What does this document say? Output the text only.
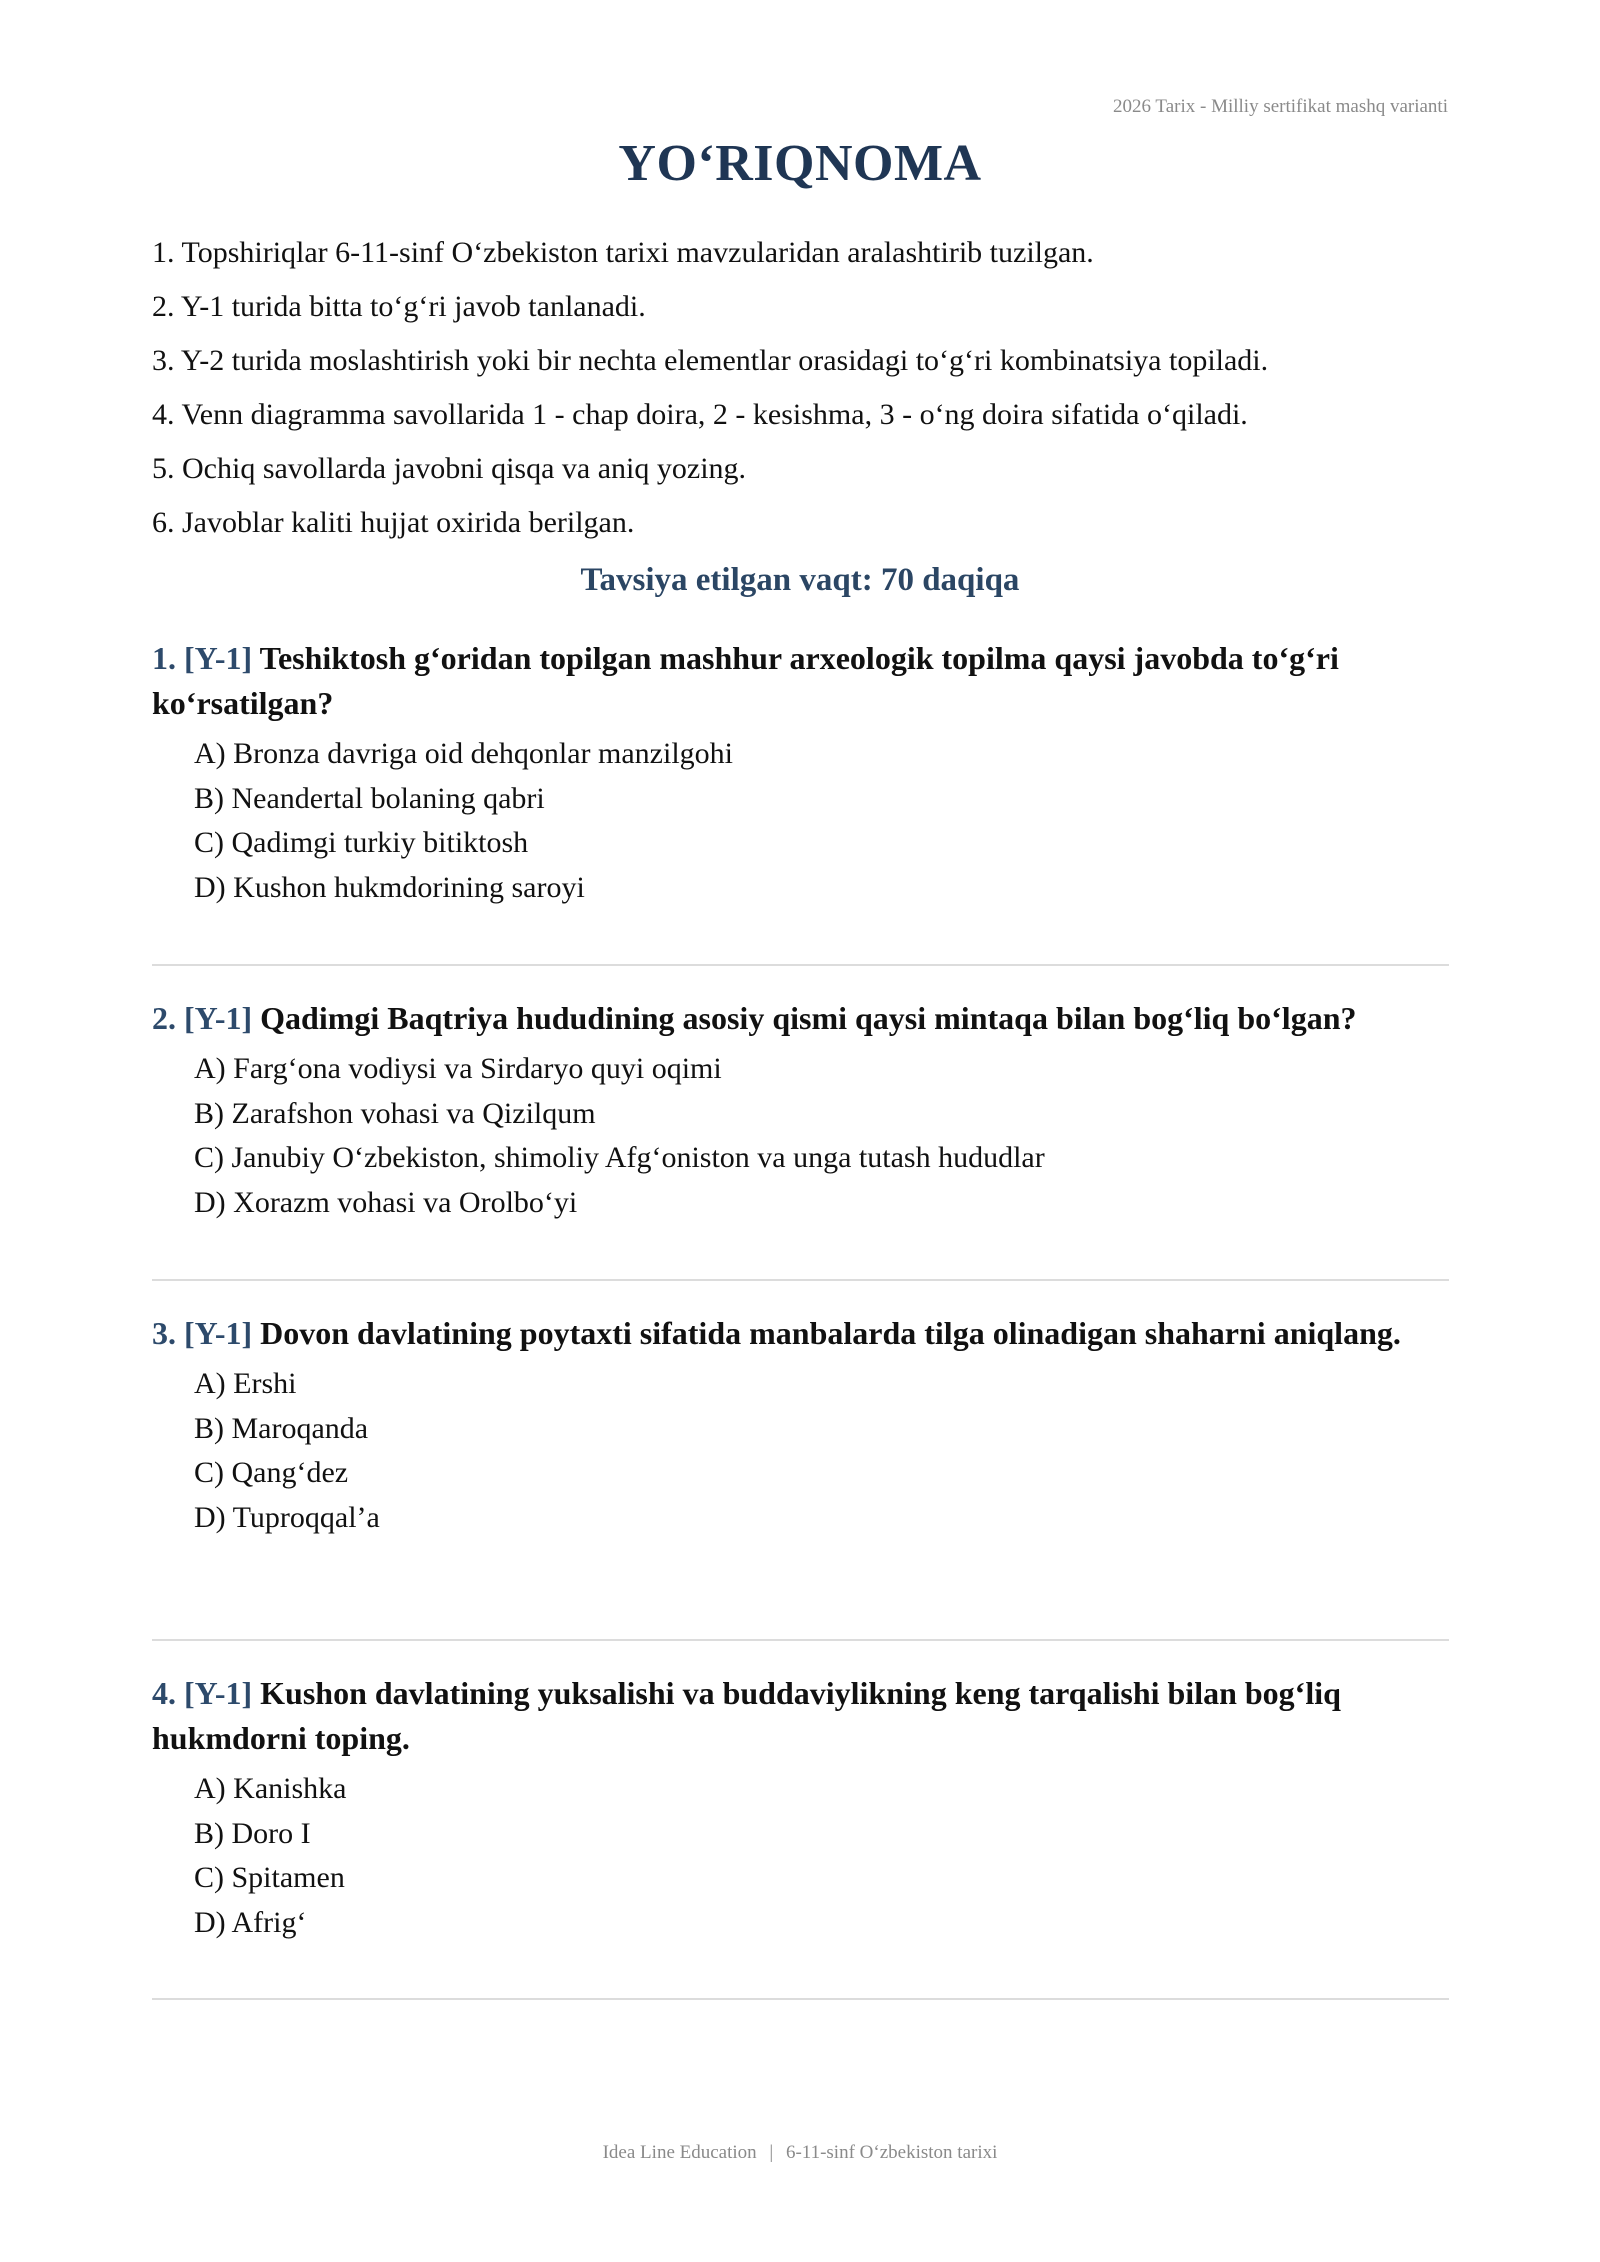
2026 Tarix - Milliy sertifikat mashq varianti
YO‘RIQNOMA
1. Topshiriqlar 6-11-sinf O‘zbekiston tarixi mavzularidan aralashtirib tuzilgan.
2. Y-1 turida bitta to‘g‘ri javob tanlanadi.
3. Y-2 turida moslashtirish yoki bir nechta elementlar orasidagi to‘g‘ri kombinatsiya topiladi.
4. Venn diagramma savollarida 1 - chap doira, 2 - kesishma, 3 - o‘ng doira sifatida o‘qiladi.
5. Ochiq savollarda javobni qisqa va aniq yozing.
6. Javoblar kaliti hujjat oxirida berilgan.
Tavsiya etilgan vaqt: 70 daqiqa
1. [Y-1] Teshiktosh g‘oridan topilgan mashhur arxeologik topilma qaysi javobda to‘g‘ri ko‘rsatilgan?
A) Bronza davriga oid dehqonlar manzilgohi
B) Neandertal bolaning qabri
C) Qadimgi turkiy bitiktosh
D) Kushon hukmdorining saroyi
2. [Y-1] Qadimgi Baqtriya hududining asosiy qismi qaysi mintaqa bilan bog‘liq bo‘lgan?
A) Farg‘ona vodiysi va Sirdaryo quyi oqimi
B) Zarafshon vohasi va Qizilqum
C) Janubiy O‘zbekiston, shimoliy Afg‘oniston va unga tutash hududlar
D) Xorazm vohasi va Orolbo‘yi
3. [Y-1] Dovon davlatining poytaxti sifatida manbalarda tilga olinadigan shaharni aniqlang.
A) Ershi
B) Maroqanda
C) Qang‘dez
D) Tuproqqal’a
4. [Y-1] Kushon davlatining yuksalishi va buddaviylikning keng tarqalishi bilan bog‘liq hukmdorni toping.
A) Kanishka
B) Doro I
C) Spitamen
D) Afrig‘
Idea Line Education | 6-11-sinf O‘zbekiston tarixi
